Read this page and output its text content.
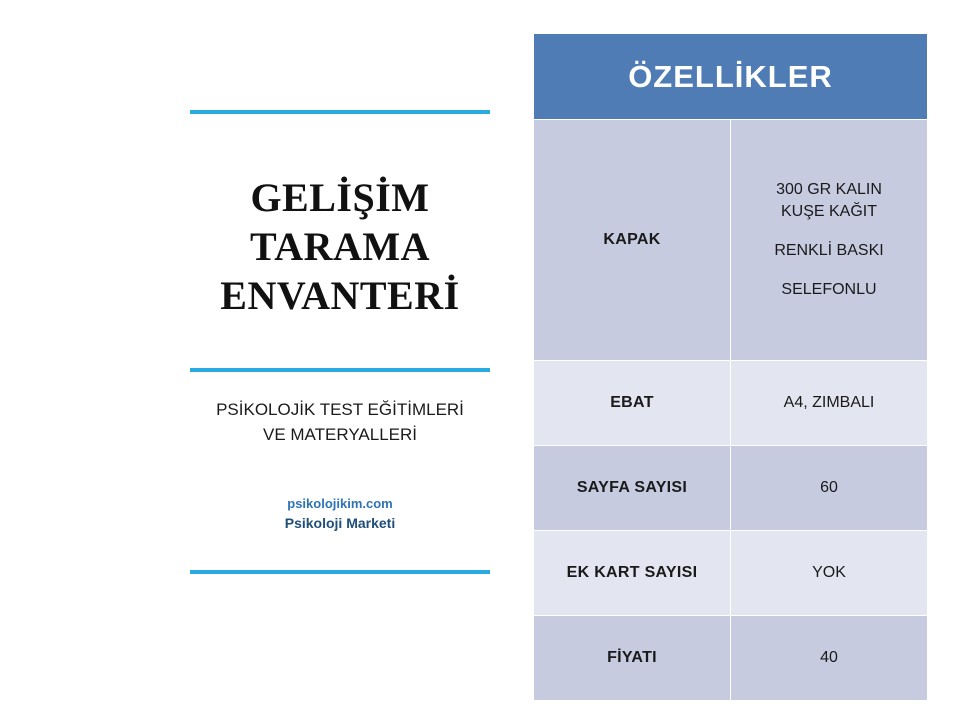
GELİŞİM
TARAMA
ENVANTERİ
PSİKOLOJİK TEST EĞİTİMLERİ
VE MATERYALLERİ
psikolojikim.com
Psikoloji Marketi
ÖZELLİKLER	
KAPAK	300 GR KALIN
KUŞE KAĞIT
RENKLİ BASKI
SELEFONLU

EBAT	A4, ZIMBALI
SAYFA SAYISI	60
EK KART SAYISI	YOK
FİYATI	40
